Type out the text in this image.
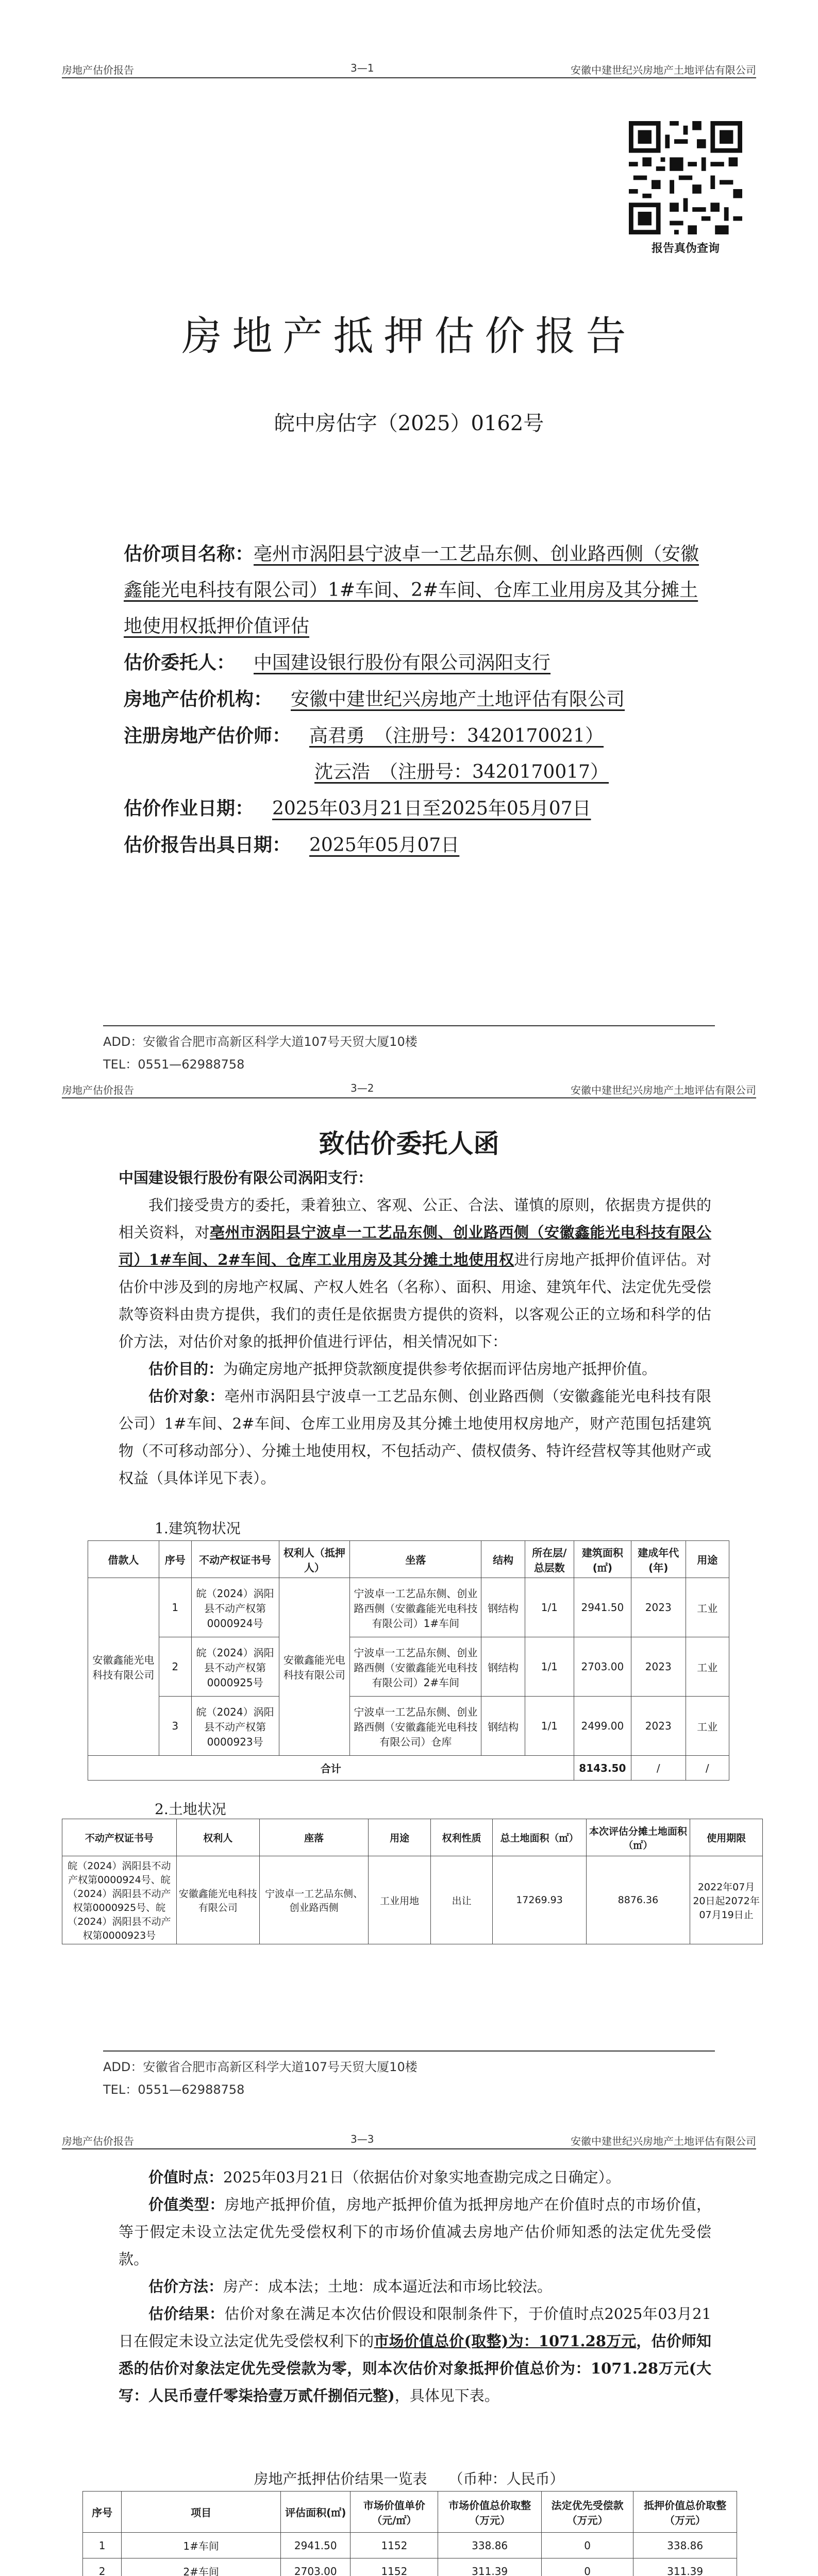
房地产估价报告	3—1	安徽中建世纪兴房地产土地评估有限公司
报告真伪查询
房地产抵押估价报告
皖中房估字（2025）0162号
估价项目名称：亳州市涡阳县宁波卓一工艺品东侧、创业路西侧（安徽鑫能光电科技有限公司）1#车间、2#车间、仓库工业用房及其分摊土地使用权抵押价值评估
估价委托人：　 中国建设银行股份有限公司涡阳支行
房地产估价机构：　 安徽中建世纪兴房地产土地评估有限公司
注册房地产估价师：　 高君勇　（注册号：3420170021）
沈云浩　（注册号：3420170017）
估价作业日期：　 2025年03月21日至2025年05月07日
估价报告出具日期：　 2025年05月07日
ADD：安徽省合肥市高新区科学大道107号天贸大厦10楼
TEL：0551—62988758
房地产估价报告	3—2	安徽中建世纪兴房地产土地评估有限公司
致估价委托人函

中国建设银行股份有限公司涡阳支行：

我们接受贵方的委托，秉着独立、客观、公正、合法、谨慎的原则，依据贵方提供的相关资料，对亳州市涡阳县宁波卓一工艺品东侧、创业路西侧（安徽鑫能光电科技有限公司）1#车间、2#车间、仓库工业用房及其分摊土地使用权进行房地产抵押价值评估。对估价中涉及到的房地产权属、产权人姓名（名称）、面积、用途、建筑年代、法定优先受偿款等资料由贵方提供，我们的责任是依据贵方提供的资料，以客观公正的立场和科学的估价方法，对估价对象的抵押价值进行评估，相关情况如下：

估价目的：为确定房地产抵押贷款额度提供参考依据而评估房地产抵押价值。

估价对象：亳州市涡阳县宁波卓一工艺品东侧、创业路西侧（安徽鑫能光电科技有限公司）1#车间、2#车间、仓库工业用房及其分摊土地使用权房地产，财产范围包括建筑物（不可移动部分）、分摊土地使用权，不包括动产、债权债务、特许经营权等其他财产或权益（具体详见下表）。

1.建筑物状况
借款人	序号	不动产权证书号	权利人（抵押人）	坐落	结构	所在层/总层数	建筑面积(㎡)	建成年代(年)	用途
安徽鑫能光电科技有限公司	1	皖（2024）涡阳县不动产权第0000924号	安徽鑫能光电科技有限公司	宁波卓一工艺品东侧、创业路西侧（安徽鑫能光电科技有限公司）1#车间	钢结构	1/1	2941.50	2023	工业
	2	皖（2024）涡阳县不动产权第0000925号		宁波卓一工艺品东侧、创业路西侧（安徽鑫能光电科技有限公司）2#车间	钢结构	1/1	2703.00	2023	工业
	3	皖（2024）涡阳县不动产权第0000923号		宁波卓一工艺品东侧、创业路西侧（安徽鑫能光电科技有限公司）仓库	钢结构	1/1	2499.00	2023	工业
合计							8143.50	/	/
2.土地状况
不动产权证书号	权利人	座落	用途	权利性质	总土地面积（㎡）	本次评估分摊土地面积（㎡）	使用期限
皖（2024）涡阳县不动产权第0000924号、皖（2024）涡阳县不动产权第0000925号、皖（2024）涡阳县不动产权第0000923号	安徽鑫能光电科技有限公司	宁波卓一工艺品东侧、创业路西侧	工业用地	出让	17269.93	8876.36	2022年07月20日起2072年07月19日止
ADD：安徽省合肥市高新区科学大道107号天贸大厦10楼
TEL：0551—62988758
房地产估价报告	3—3	安徽中建世纪兴房地产土地评估有限公司

价值时点：2025年03月21日（依据估价对象实地查勘完成之日确定）。

价值类型：房地产抵押价值，房地产抵押价值为抵押房地产在价值时点的市场价值，等于假定未设立法定优先受偿权利下的市场价值减去房地产估价师知悉的法定优先受偿款。

估价方法：房产：成本法；土地：成本逼近法和市场比较法。

估价结果：估价对象在满足本次估价假设和限制条件下，于价值时点2025年03月21日在假定未设立法定优先受偿权利下的市场价值总价(取整)为：1071.28万元，估价师知悉的估价对象法定优先受偿款为零，则本次估价对象抵押价值总价为：1071.28万元(大写：人民币壹仟零柒拾壹万贰仟捌佰元整)，具体见下表。

房地产抵押估价结果一览表　　（币种：人民币）
序号	项目	评估面积(㎡)	市场价值单价（元/㎡）	市场价值总价取整（万元）	法定优先受偿款（万元）	抵押价值总价取整（万元）
1	1#车间	2941.50	1152	338.86	0	338.86
2	2#车间	2703.00	1152	311.39	0	311.39
